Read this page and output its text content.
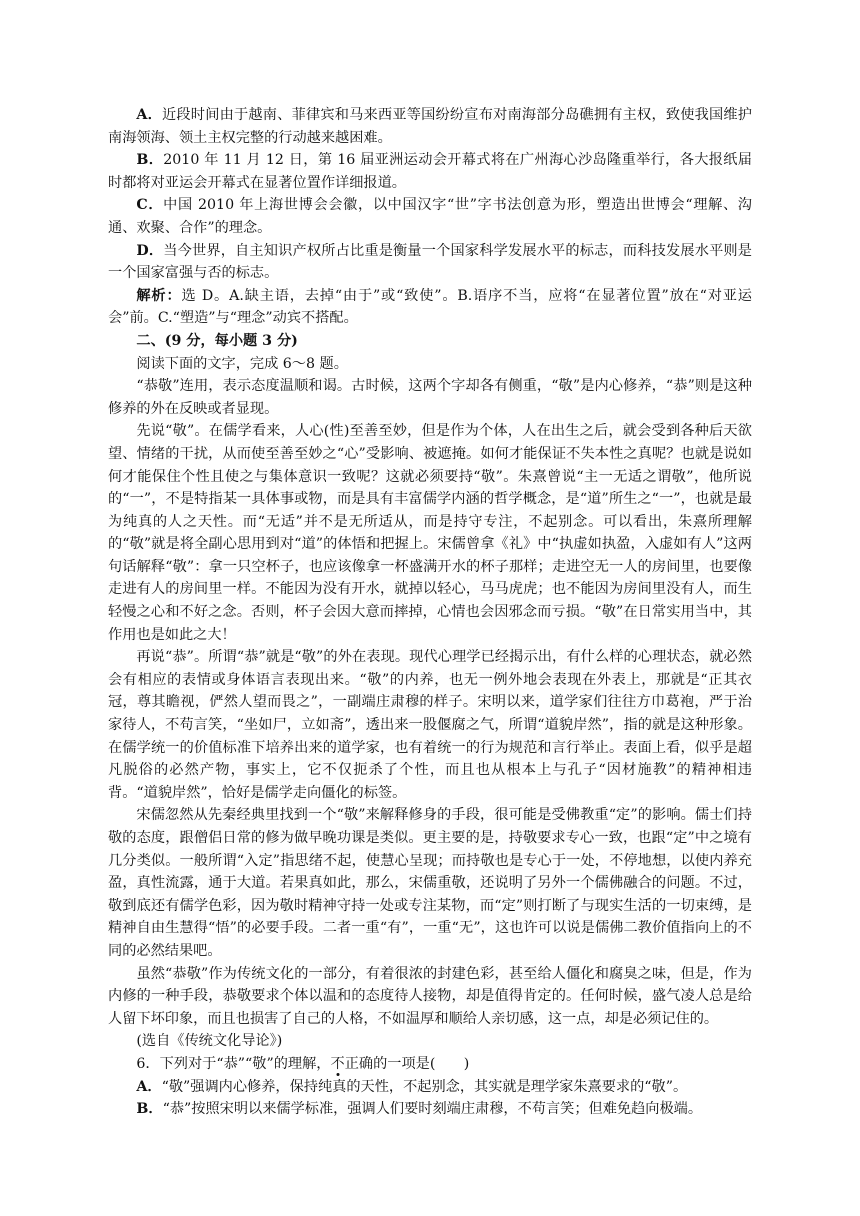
A．近段时间由于越南、菲律宾和马来西亚等国纷纷宣布对南海部分岛礁拥有主权，致使我国维护南海领海、领土主权完整的行动越来越困难。

B．2010 年 11 月 12 日，第 16 届亚洲运动会开幕式将在广州海心沙岛隆重举行，各大报纸届时都将对亚运会开幕式在显著位置作详细报道。

C．中国 2010 年上海世博会会徽，以中国汉字“世”字书法创意为形，塑造出世博会“理解、沟通、欢聚、合作”的理念。

D．当今世界，自主知识产权所占比重是衡量一个国家科学发展水平的标志，而科技发展水平则是一个国家富强与否的标志。

解析：选 D。A.缺主语，去掉“由于”或“致使”。B.语序不当，应将“在显著位置”放在“对亚运会”前。C.“塑造”与“理念”动宾不搭配。

二、(9 分，每小题 3 分)

阅读下面的文字，完成 6～8 题。

“恭敬”连用，表示态度温顺和谒。古时候，这两个字却各有侧重，“敬”是内心修养，“恭”则是这种修养的外在反映或者显现。

先说“敬”。在儒学看来，人心(性)至善至妙，但是作为个体，人在出生之后，就会受到各种后天欲望、情绪的干扰，从而使至善至妙之“心”受影响、被遮掩。如何才能保证不失本性之真呢？也就是说如何才能保住个性且使之与集体意识一致呢？这就必须要持“敬”。朱熹曾说“主一无适之谓敬”，他所说的“一”，不是特指某一具体事或物，而是具有丰富儒学内涵的哲学概念，是“道”所生之“一”，也就是最为纯真的人之天性。而“无适”并不是无所适从，而是持守专注，不起别念。可以看出，朱熹所理解的“敬”就是将全副心思用到对“道”的体悟和把握上。宋儒曾拿《礼》中“执虚如执盈，入虚如有人”这两句话解释“敬”：拿一只空杯子，也应该像拿一杯盛满开水的杯子那样；走进空无一人的房间里，也要像走进有人的房间里一样。不能因为没有开水，就掉以轻心，马马虎虎；也不能因为房间里没有人，而生轻慢之心和不好之念。否则，杯子会因大意而摔掉，心情也会因邪念而亏损。“敬”在日常实用当中，其作用也是如此之大！

再说“恭”。所谓“恭”就是“敬”的外在表现。现代心理学已经揭示出，有什么样的心理状态，就必然会有相应的表情或身体语言表现出来。“敬”的内养，也无一例外地会表现在外表上，那就是“正其衣冠，尊其瞻视，俨然人望而畏之”，一副端庄肃穆的样子。宋明以来，道学家们往往方巾葛袍，严于治家待人，不苟言笑，“坐如尸，立如斋”，透出来一股偃腐之气，所谓“道貌岸然”，指的就是这种形象。在儒学统一的价值标准下培养出来的道学家，也有着统一的行为规范和言行举止。表面上看，似乎是超凡脱俗的必然产物，事实上，它不仅扼杀了个性，而且也从根本上与孔子“因材施教”的精神相违背。“道貌岸然”，恰好是儒学走向僵化的标签。

宋儒忽然从先秦经典里找到一个“敬”来解释修身的手段，很可能是受佛教重“定”的影响。儒士们持敬的态度，跟僧侣日常的修为做早晚功课是类似。更主要的是，持敬要求专心一致，也跟“定”中之境有几分类似。一般所谓“入定”指思绪不起，使慧心呈现；而持敬也是专心于一处，不停地想，以使内养充盈，真性流露，通于大道。若果真如此，那么，宋儒重敬，还说明了另外一个儒佛融合的问题。不过，敬到底还有儒学色彩，因为敬时精神守持一处或专注某物，而“定”则打断了与现实生活的一切束缚，是精神自由生慧得“悟”的必要手段。二者一重“有”，一重“无”，这也许可以说是儒佛二教价值指向上的不同的必然结果吧。

虽然“恭敬”作为传统文化的一部分，有着很浓的封建色彩，甚至给人僵化和腐臭之味，但是，作为内修的一种手段，恭敬要求个体以温和的态度待人接物，却是值得肯定的。任何时候，盛气凌人总是给人留下坏印象，而且也损害了自己的人格，不如温厚和顺给人亲切感，这一点，却是必须记住的。

(选自《传统文化导论》)

6．下列对于“恭”“敬”的理解，不正确的一项是(　　)

A．“敬”强调内心修养，保持纯真的天性，不起别念，其实就是理学家朱熹要求的“敬”。

B．“恭”按照宋明以来儒学标准，强调人们要时刻端庄肃穆，不苟言笑；但难免趋向极端。
